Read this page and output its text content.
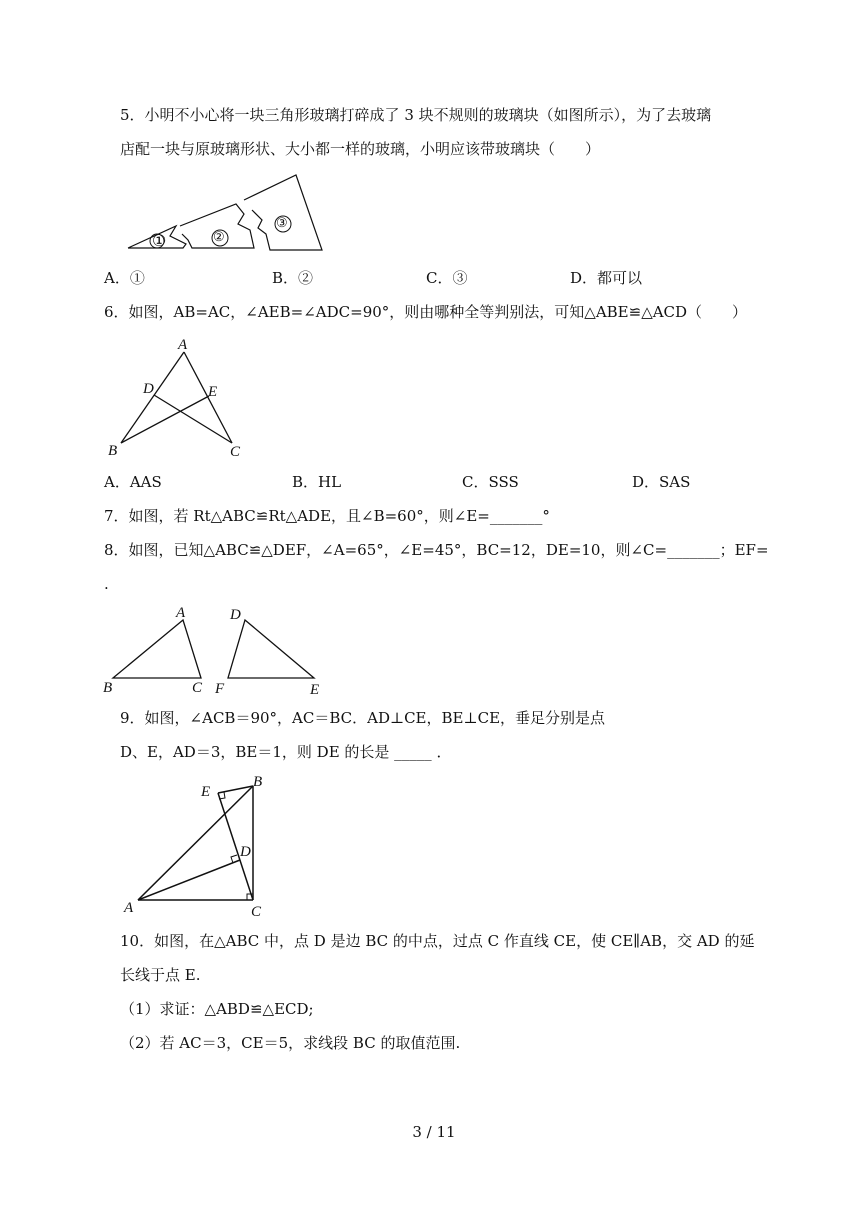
5．小明不小心将一块三角形玻璃打碎成了 3 块不规则的玻璃块（如图所示），为了去玻璃

店配一块与原玻璃形状、大小都一样的玻璃，小明应该带玻璃块（　　）

①	②
③

A．①	B．②	C．③	D．都可以

6．如图，AB=AC，∠AEB=∠ADC=90°，则由哪种全等判别法，可知△ABE≌△ACD（　　）

A
B	C
D	E

A．AAS	B．HL	C．SSS	D．SAS

7．如图，若 Rt△ABC≌Rt△ADE，且∠B=60°，则∠E=_______°

8．如图，已知△ABC≌△DEF，∠A=65°，∠E=45°，BC=12，DE=10，则∠C=_______；EF=

.

A
B	C
D
E
F

9．如图，∠ACB＝90°，AC＝BC．AD⊥CE，BE⊥CE，垂足分别是点

D、E，AD＝3，BE＝1，则 DE 的长是 _____ ．

A
B
C
D
E

10．如图，在△ABC 中，点 D 是边 BC 的中点，过点 C 作直线 CE，使 CE∥AB，交 AD 的延

长线于点 E.

（1）求证：△ABD≌△ECD;

（2）若 AC＝3，CE＝5，求线段 BC 的取值范围.

3 / 11
